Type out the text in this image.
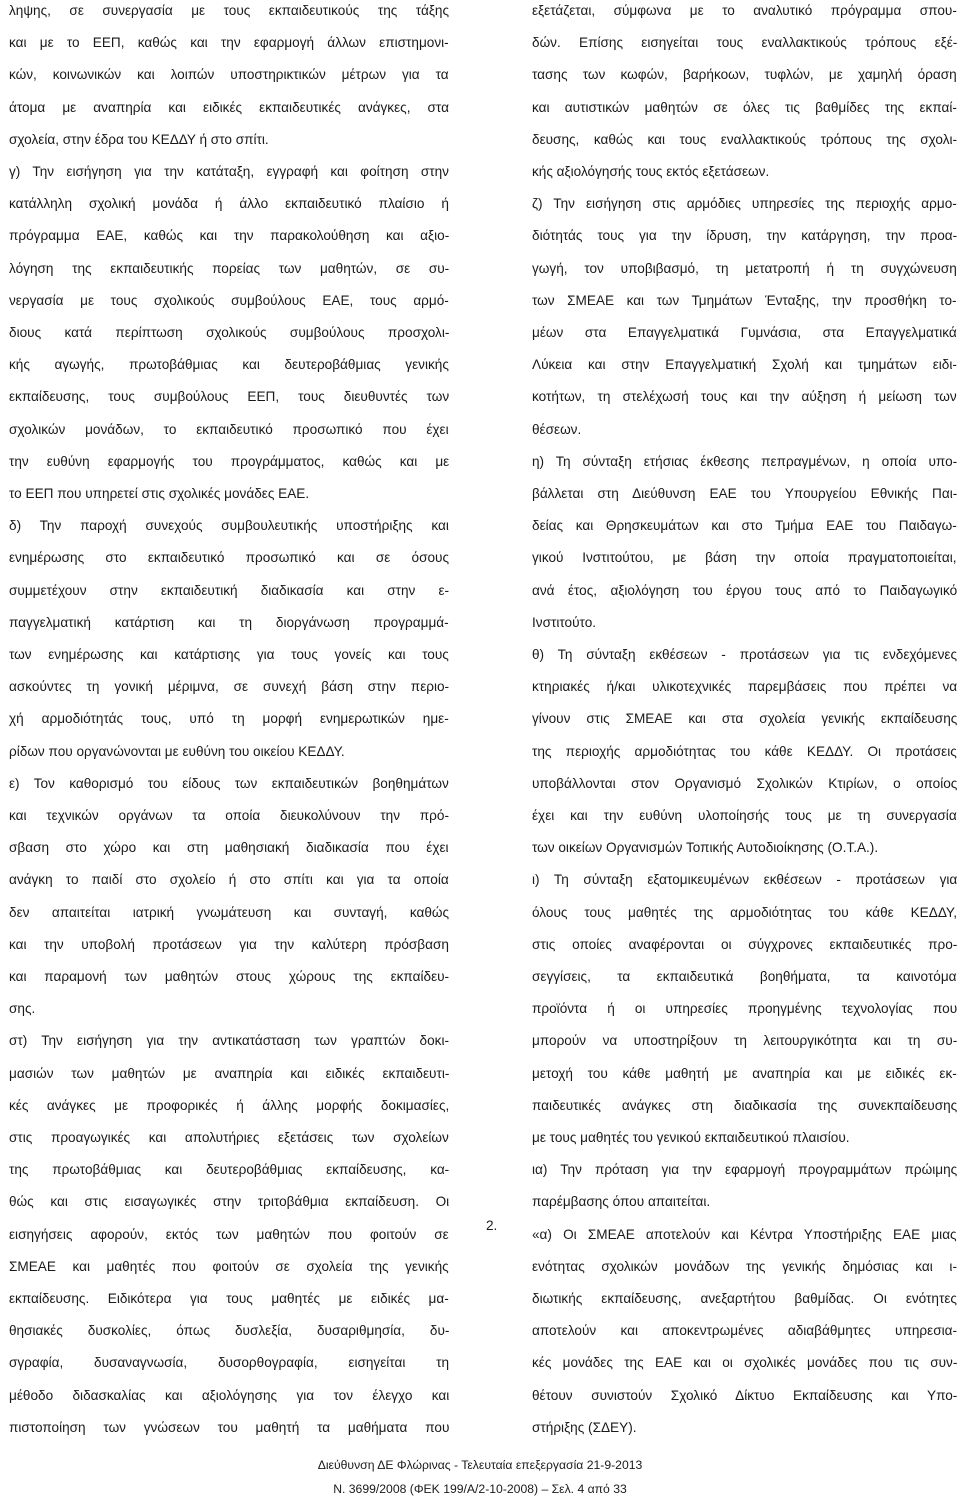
ληψης, σε συνεργασία με τους εκπαιδευτικούς της τάξης
και με το ΕΕΠ, καθώς και την εφαρμογή άλλων επιστημονι-
κών, κοινωνικών και λοιπών υποστηρικτικών μέτρων για τα
άτομα με αναπηρία και ειδικές εκπαιδευτικές ανάγκες, στα
σχολεία, στην έδρα του ΚΕΔΔΥ ή στο σπίτι.
γ) Την εισήγηση για την κατάταξη, εγγραφή και φοίτηση στην
κατάλληλη σχολική μονάδα ή άλλο εκπαιδευτικό πλαίσιο ή
πρόγραμμα ΕΑΕ, καθώς και την παρακολούθηση και αξιο-
λόγηση της εκπαιδευτικής πορείας των μαθητών, σε συ-
νεργασία με τους σχολικούς συμβούλους ΕΑΕ, τους αρμό-
διους κατά περίπτωση σχολικούς συμβούλους προσχολι-
κής αγωγής, πρωτοβάθμιας και δευτεροβάθμιας γενικής
εκπαίδευσης, τους συμβούλους ΕΕΠ, τους διευθυντές των
σχολικών μονάδων, το εκπαιδευτικό προσωπικό που έχει
την ευθύνη εφαρμογής του προγράμματος, καθώς και με
το ΕΕΠ που υπηρετεί στις σχολικές μονάδες ΕΑΕ.
δ) Την παροχή συνεχούς συμβουλευτικής υποστήριξης και
ενημέρωσης στο εκπαιδευτικό προσωπικό και σε όσους
συμμετέχουν στην εκπαιδευτική διαδικασία και στην ε-
παγγελματική κατάρτιση και τη διοργάνωση προγραμμά-
των ενημέρωσης και κατάρτισης για τους γονείς και τους
ασκούντες τη γονική μέριμνα, σε συνεχή βάση στην περιο-
χή αρμοδιότητάς τους, υπό τη μορφή ενημερωτικών ημε-
ρίδων που οργανώνονται με ευθύνη του οικείου ΚΕΔΔΥ.
ε) Τον καθορισμό του είδους των εκπαιδευτικών βοηθημάτων
και τεχνικών οργάνων τα οποία διευκολύνουν την πρό-
σβαση στο χώρο και στη μαθησιακή διαδικασία που έχει
ανάγκη το παιδί στο σχολείο ή στο σπίτι και για τα οποία
δεν απαιτείται ιατρική γνωμάτευση και συνταγή, καθώς
και την υποβολή προτάσεων για την καλύτερη πρόσβαση
και παραμονή των μαθητών στους χώρους της εκπαίδευ-
σης.
στ) Την εισήγηση για την αντικατάσταση των γραπτών δοκι-
μασιών των μαθητών με αναπηρία και ειδικές εκπαιδευτι-
κές ανάγκες με προφορικές ή άλλης μορφής δοκιμασίες,
στις προαγωγικές και απολυτήριες εξετάσεις των σχολείων
της πρωτοβάθμιας και δευτεροβάθμιας εκπαίδευσης, κα-
θώς και στις εισαγωγικές στην τριτοβάθμια εκπαίδευση. Οι
εισηγήσεις αφορούν, εκτός των μαθητών που φοιτούν σε
ΣΜΕΑΕ και μαθητές που φοιτούν σε σχολεία της γενικής
εκπαίδευσης. Ειδικότερα για τους μαθητές με ειδικές μα-
θησιακές δυσκολίες, όπως δυσλεξία, δυσαριθμησία, δυ-
σγραφία, δυσαναγνωσία, δυσορθογραφία, εισηγείται τη
μέθοδο διδασκαλίας και αξιολόγησης για τον έλεγχο και
πιστοποίηση των γνώσεων του μαθητή τα μαθήματα που
εξετάζεται, σύμφωνα με το αναλυτικό πρόγραμμα σπου-
δών. Επίσης εισηγείται τους εναλλακτικούς τρόπους εξέ-
τασης των κωφών, βαρήκοων, τυφλών, με χαμηλή όραση
και αυτιστικών μαθητών σε όλες τις βαθμίδες της εκπαί-
δευσης, καθώς και τους εναλλακτικούς τρόπους της σχολι-
κής αξιολόγησής τους εκτός εξετάσεων.
ζ) Την εισήγηση στις αρμόδιες υπηρεσίες της περιοχής αρμο-
διότητάς τους για την ίδρυση, την κατάργηση, την προα-
γωγή, τον υποβιβασμό, τη μετατροπή ή τη συγχώνευση
των ΣΜΕΑΕ και των Τμημάτων Ένταξης, την προσθήκη το-
μέων στα Επαγγελματικά Γυμνάσια, στα Επαγγελματικά
Λύκεια και στην Επαγγελματική Σχολή και τμημάτων ειδι-
κοτήτων, τη στελέχωσή τους και την αύξηση ή μείωση των
θέσεων.
η) Τη σύνταξη ετήσιας έκθεσης πεπραγμένων, η οποία υπο-
βάλλεται στη Διεύθυνση ΕΑΕ του Υπουργείου Εθνικής Παι-
δείας και Θρησκευμάτων και στο Τμήμα ΕΑΕ του Παιδαγω-
γικού Ινστιτούτου, με βάση την οποία πραγματοποιείται,
ανά έτος, αξιολόγηση του έργου τους από το Παιδαγωγικό
Ινστιτούτο.
θ) Τη σύνταξη εκθέσεων - προτάσεων για τις ενδεχόμενες
κτηριακές ή/και υλικοτεχνικές παρεμβάσεις που πρέπει να
γίνουν στις ΣΜΕΑΕ και στα σχολεία γενικής εκπαίδευσης
της περιοχής αρμοδιότητας του κάθε ΚΕΔΔΥ. Οι προτάσεις
υποβάλλονται στον Οργανισμό Σχολικών Κτιρίων, ο οποίος
έχει και την ευθύνη υλοποίησής τους με τη συνεργασία
των οικείων Οργανισμών Τοπικής Αυτοδιοίκησης (Ο.Τ.Α.).
ι) Τη σύνταξη εξατομικευμένων εκθέσεων - προτάσεων για
όλους τους μαθητές της αρμοδιότητας του κάθε ΚΕΔΔΥ,
στις οποίες αναφέρονται οι σύγχρονες εκπαιδευτικές προ-
σεγγίσεις, τα εκπαιδευτικά βοηθήματα, τα καινοτόμα
προϊόντα ή οι υπηρεσίες προηγμένης τεχνολογίας που
μπορούν να υποστηρίξουν τη λειτουργικότητα και τη συ-
μετοχή του κάθε μαθητή με αναπηρία και με ειδικές εκ-
παιδευτικές ανάγκες στη διαδικασία της συνεκπαίδευσης
με τους μαθητές του γενικού εκπαιδευτικού πλαισίου.
ια) Την πρόταση για την εφαρμογή προγραμμάτων πρώιμης
παρέμβασης όπου απαιτείται.
«α) Οι ΣΜΕΑΕ αποτελούν και Κέντρα Υποστήριξης ΕΑΕ μιας
ενότητας σχολικών μονάδων της γενικής δημόσιας και ι-
διωτικής εκπαίδευσης, ανεξαρτήτου βαθμίδας. Οι ενότητες
αποτελούν και αποκεντρωμένες αδιαβάθμητες υπηρεσια-
κές μονάδες της ΕΑΕ και οι σχολικές μονάδες που τις συν-
θέτουν συνιστούν Σχολικό Δίκτυο Εκπαίδευσης και Υπο-
στήριξης (ΣΔΕΥ).
2.
Διεύθυνση ΔΕ Φλώρινας - Τελευταία επεξεργασία 21-9-2013
Ν. 3699/2008 (ΦΕΚ 199/Α/2-10-2008) – Σελ. 4 από 33
